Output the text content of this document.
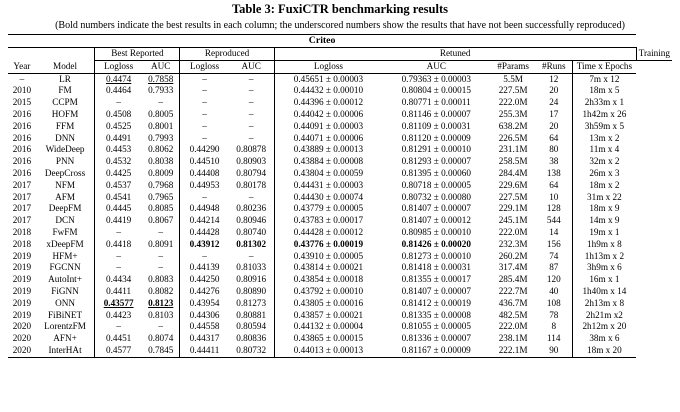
Table 3: FuxiCTR benchmarking results
(Bold numbers indicate the best results in each column; the underscored numbers show the results that have not been successfully reproduced)
Criteo											
		Best Reported		Reproduced		Retuned					Training
Year	Model	Logloss	AUC	Logloss	AUC	Logloss	AUC	#Params	#Runs	Time x Epochs	
–	LR	0.4474	0.7858	–	–	0.45651 ± 0.00003	0.79363 ± 0.00003	5.5M	12	7m x 12	
2010	FM	0.4464	0.7933	–	–	0.44432 ± 0.00010	0.80804 ± 0.00015	227.5M	20	18m x 5	
2015	CCPM	–	–	–	–	0.44396 ± 0.00012	0.80771 ± 0.00011	222.0M	24	2h33m x 1	
2016	HOFM	0.4508	0.8005	–	–	0.44042 ± 0.00006	0.81146 ± 0.00007	255.3M	17	1h42m x 26	
2016	FFM	0.4525	0.8001	–	–	0.44091 ± 0.00003	0.81109 ± 0.00031	638.2M	20	3h59m x 5	
2016	DNN	0.4491	0.7993	–	–	0.44071 ± 0.00006	0.81120 ± 0.00009	226.5M	64	13m x 2	
2016	WideDeep	0.4453	0.8062	0.44290	0.80878	0.43889 ± 0.00013	0.81291 ± 0.00010	231.1M	80	11m x 4	
2016	PNN	0.4532	0.8038	0.44510	0.80903	0.43884 ± 0.00008	0.81293 ± 0.00007	258.5M	38	32m x 2	
2016	DeepCross	0.4425	0.8009	0.44408	0.80794	0.43804 ± 0.00059	0.81395 ± 0.00060	284.4M	138	26m x 3	
2017	NFM	0.4537	0.7968	0.44953	0.80178	0.44431 ± 0.00003	0.80718 ± 0.00005	229.6M	64	18m x 2	
2017	AFM	0.4541	0.7965	–	–	0.44430 ± 0.00074	0.80732 ± 0.00080	227.5M	10	31m x 22	
2017	DeepFM	0.4445	0.8085	0.44948	0.80236	0.43779 ± 0.00005	0.81407 ± 0.00007	229.1M	128	18m x 9	
2017	DCN	0.4419	0.8067	0.44214	0.80946	0.43783 ± 0.00017	0.81407 ± 0.00012	245.1M	544	14m x 9	
2018	FwFM	–	–	0.44428	0.80740	0.44428 ± 0.00012	0.80985 ± 0.00010	222.0M	14	19m x 1	
2018	xDeepFM	0.4418	0.8091	0.43912	0.81302	0.43776 ± 0.00019	0.81426 ± 0.00020	232.3M	156	1h9m x 8	
2019	HFM+	–	–	–	–	0.43910 ± 0.00005	0.81273 ± 0.00010	260.2M	74	1h13m x 2	
2019	FGCNN	–	–	0.44139	0.81033	0.43814 ± 0.00021	0.81418 ± 0.00031	317.4M	87	3h9m x 6	
2019	AutoInt+	0.4434	0.8083	0.44250	0.80916	0.43854 ± 0.00018	0.81355 ± 0.00017	285.4M	120	16m x 1	
2019	FiGNN	0.4411	0.8082	0.44276	0.80890	0.43792 ± 0.00010	0.81407 ± 0.00007	222.7M	40	1h40m x 14	
2019	ONN	0.43577	0.8123	0.43954	0.81273	0.43805 ± 0.00016	0.81412 ± 0.00019	436.7M	108	2h13m x 8	
2019	FiBiNET	0.4423	0.8103	0.44306	0.80881	0.43857 ± 0.00021	0.81335 ± 0.00008	482.5M	78	2h21m x2	
2020	LorentzFM	–	–	0.44558	0.80594	0.44132 ± 0.00004	0.81055 ± 0.00005	222.0M	8	2h12m x 20	
2020	AFN+	0.4451	0.8074	0.44317	0.80836	0.43865 ± 0.00015	0.81336 ± 0.00007	238.1M	114	38m x 6	
2020	InterHAt	0.4577	0.7845	0.44411	0.80732	0.44013 ± 0.00013	0.81167 ± 0.00009	222.1M	90	18m x 20	
